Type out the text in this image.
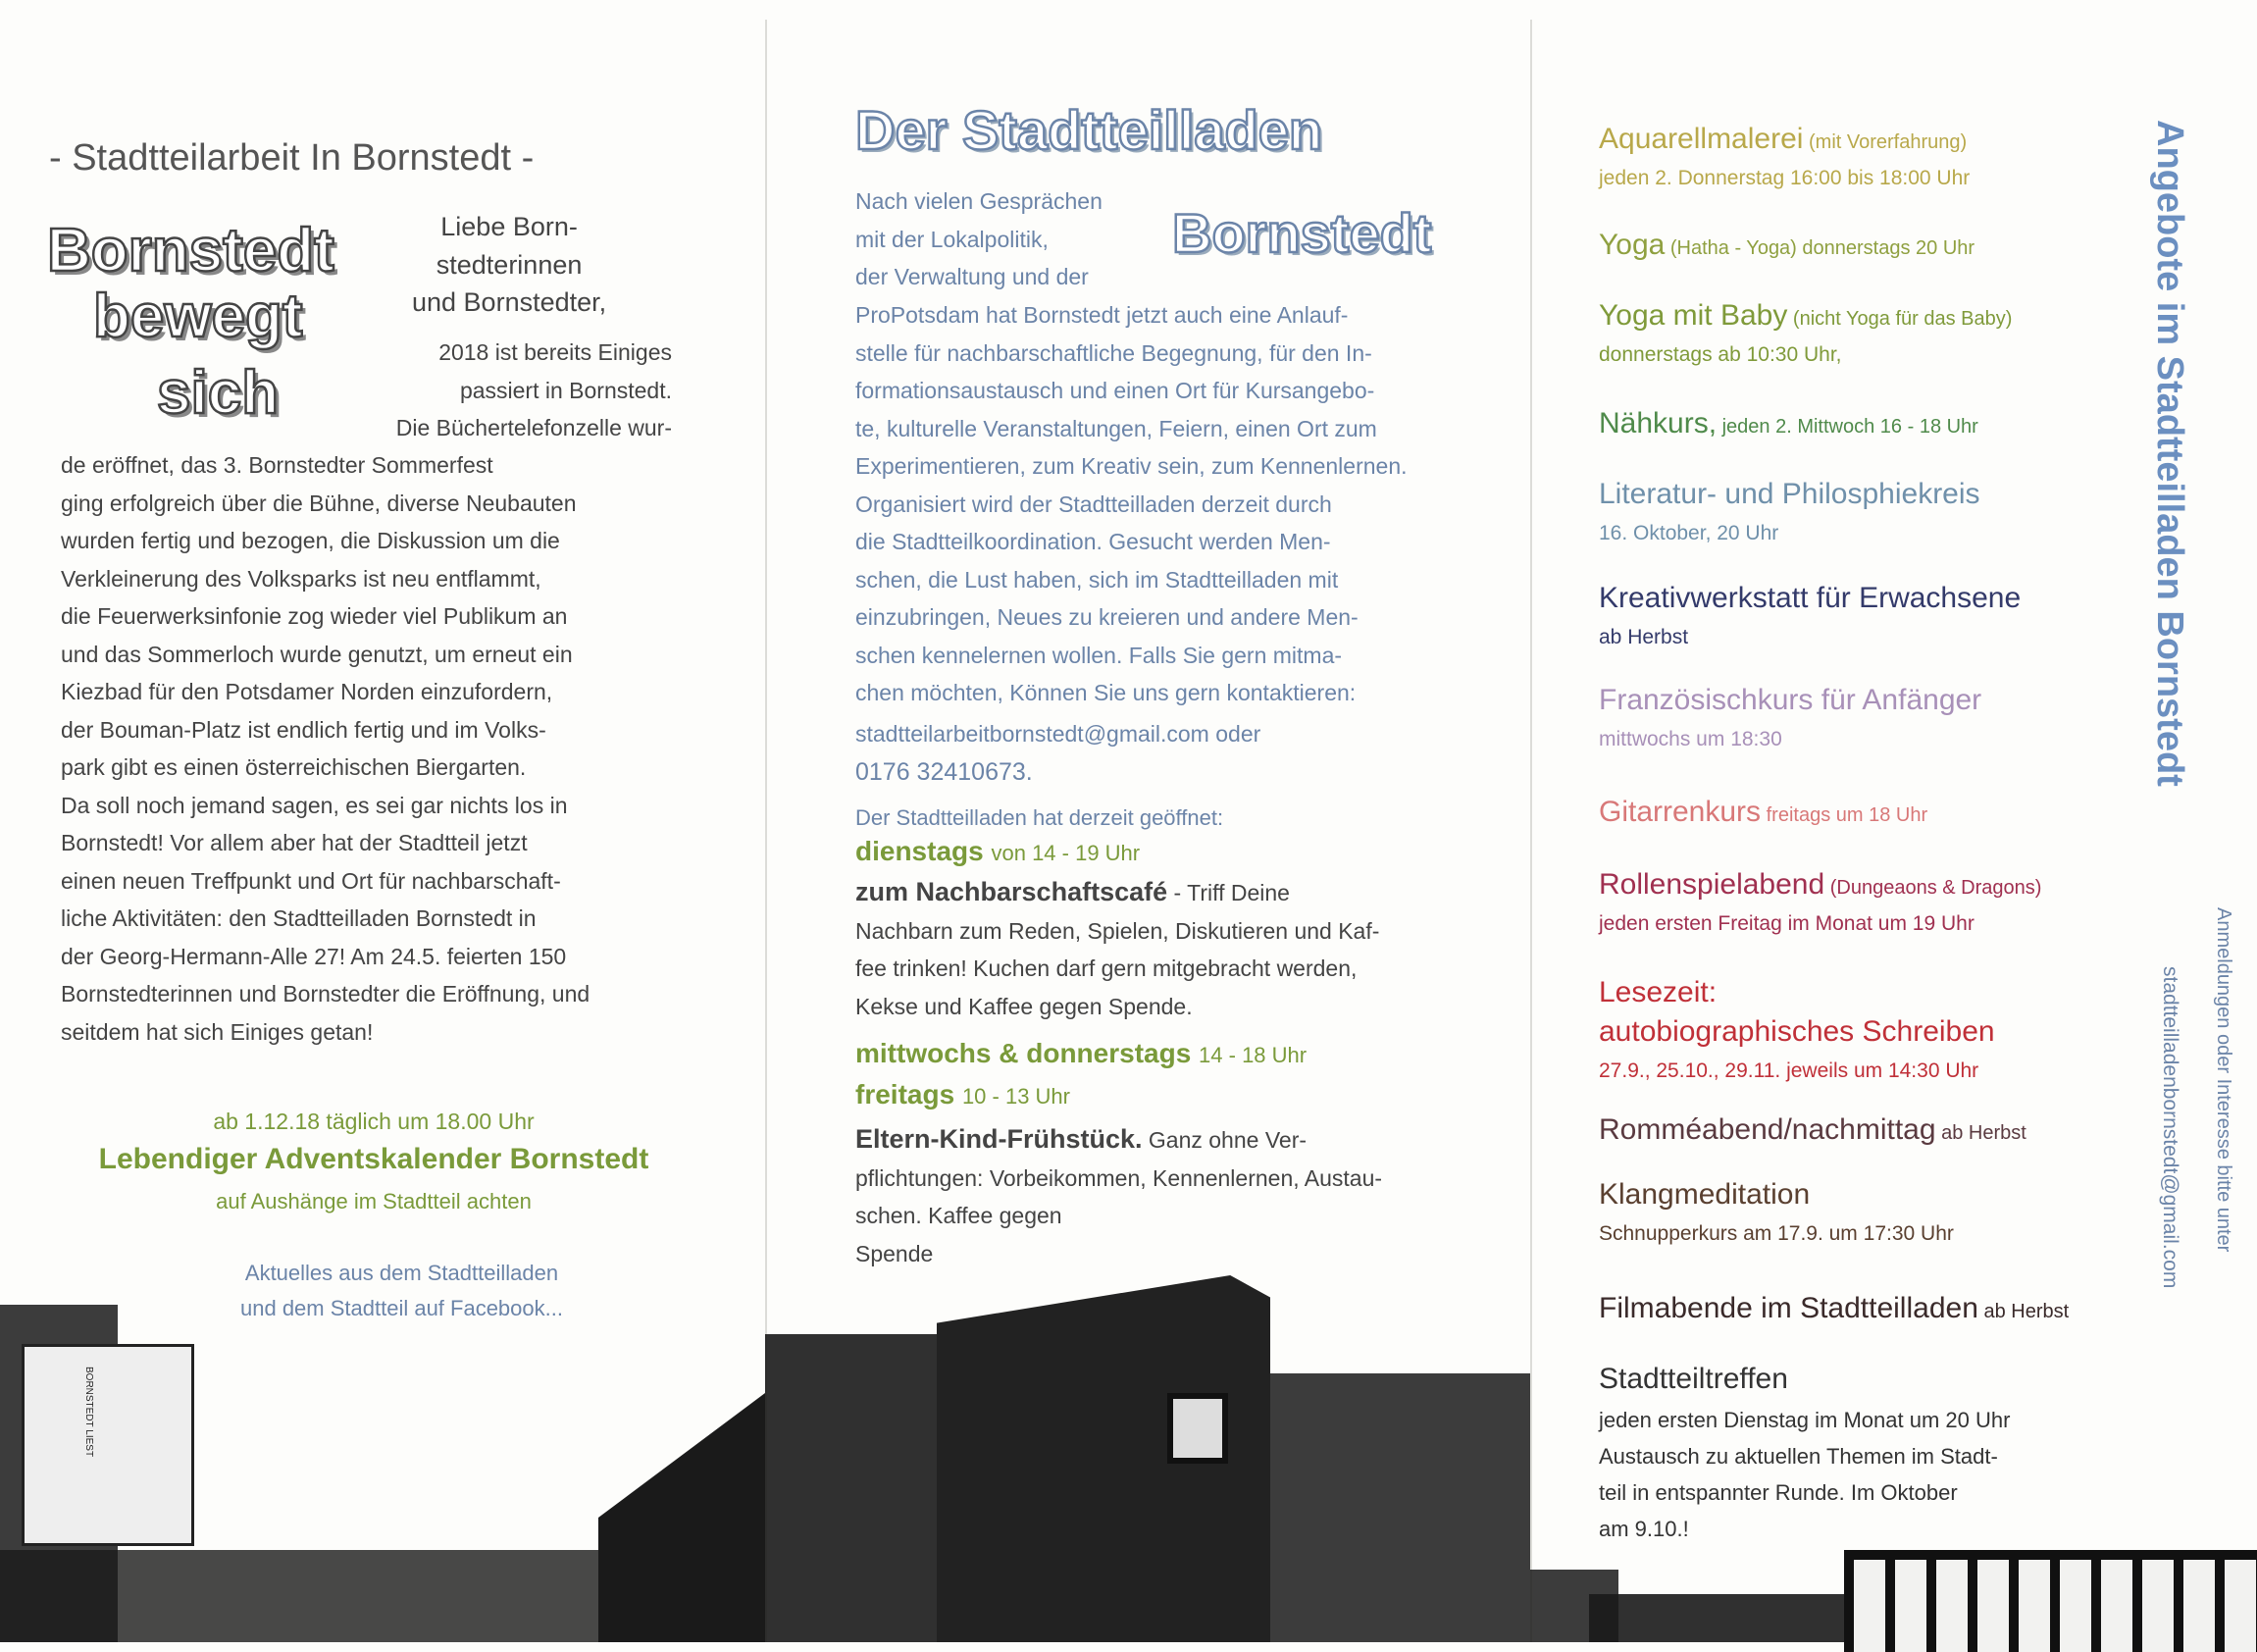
- Stadtteilarbeit In Bornstedt -
Bornstedt
bewegt
sich
Liebe Born-
stedterinnen
und Bornstedter,
2018 ist bereits Einiges
passiert in Bornstedt.
Die Büchertelefonzelle wur-
de eröffnet, das 3. Bornstedter Sommerfest
ging erfolgreich über die Bühne, diverse Neubauten
wurden fertig und bezogen, die Diskussion um die
Verkleinerung des Volksparks ist neu entflammt,
die Feuerwerksinfonie zog wieder viel Publikum an
und das Sommerloch wurde genutzt, um erneut ein
Kiezbad für den Potsdamer Norden einzufordern,
der Bouman-Platz ist endlich fertig und im Volks-
park gibt es einen österreichischen Biergarten.
Da soll noch jemand sagen, es sei gar nichts los in
Bornstedt! Vor allem aber hat der Stadtteil jetzt
einen neuen Treffpunkt und Ort für nachbarschaft-
liche Aktivitäten: den Stadtteilladen Bornstedt in
der Georg-Hermann-Alle 27! Am 24.5. feierten 150
Bornstedterinnen und Bornstedter die Eröffnung, und
seitdem hat sich Einiges getan!
ab 1.12.18 täglich um 18.00 Uhr
Lebendiger Adventskalender Bornstedt
auf Aushänge im Stadtteil achten
Aktuelles aus dem Stadtteilladen
und dem Stadtteil auf Facebook...
BORNSTEDT LIEST
Der Stadtteilladen
Bornstedt
Nach vielen Gesprächen
mit der Lokalpolitik,
der Verwaltung und der
ProPotsdam hat Bornstedt jetzt auch eine Anlauf-
stelle für nachbarschaftliche Begegnung, für den In-
formationsaustausch und einen Ort für Kursangebo-
te, kulturelle Veranstaltungen, Feiern, einen Ort zum
Experimentieren, zum Kreativ sein, zum Kennenlernen.
Organisiert wird der Stadtteilladen derzeit durch
die Stadtteilkoordination. Gesucht werden Men-
schen, die Lust haben, sich im Stadtteilladen mit
einzubringen, Neues zu kreieren und andere Men-
schen kennelernen wollen. Falls Sie gern mitma-
chen möchten, Können Sie uns gern kontaktieren:
stadtteilarbeitbornstedt@gmail.com oder
0176 32410673.
Der Stadtteilladen hat derzeit geöffnet:
dienstags von 14 - 19 Uhr
zum Nachbarschaftscafé - Triff Deine
Nachbarn zum Reden, Spielen, Diskutieren und Kaf-
fee trinken! Kuchen darf gern mitgebracht werden,
Kekse und Kaffee gegen Spende.
mittwochs & donnerstags 14 - 18 Uhr
freitags 10 - 13 Uhr
Eltern-Kind-Frühstück. Ganz ohne Ver-
pflichtungen: Vorbeikommen, Kennenlernen, Austau-
schen. Kaffee gegen
Spende
Aquarellmalerei (mit Vorerfahrung)
jeden 2. Donnerstag 16:00 bis 18:00 Uhr
Yoga (Hatha - Yoga) donnerstags 20 Uhr
Yoga mit Baby (nicht Yoga für das Baby)
donnerstags ab 10:30 Uhr,
Nähkurs, jeden 2. Mittwoch 16 - 18 Uhr
Literatur- und Philosphiekreis
16. Oktober, 20 Uhr
Kreativwerkstatt für Erwachsene
ab Herbst
Französischkurs für Anfänger
mittwochs um 18:30
Gitarrenkurs freitags um 18 Uhr
Rollenspielabend (Dungeaons & Dragons)
jeden ersten Freitag im Monat um 19 Uhr
Lesezeit:
autobiographisches Schreiben
27.9., 25.10., 29.11. jeweils um 14:30 Uhr
Romméabend/nachmittag ab Herbst
Klangmeditation
Schnupperkurs am 17.9. um 17:30 Uhr
Filmabende im Stadtteilladen ab Herbst
Stadtteiltreffen
jeden ersten Dienstag im Monat um 20 Uhr
Austausch zu aktuellen Themen im Stadt-
teil in entspannter Runde. Im Oktober
am 9.10.!
Angebote im Stadtteilladen Bornstedt
Anmeldungen oder Interesse bitte unter
stadtteilladenbornstedt@gmail.com
